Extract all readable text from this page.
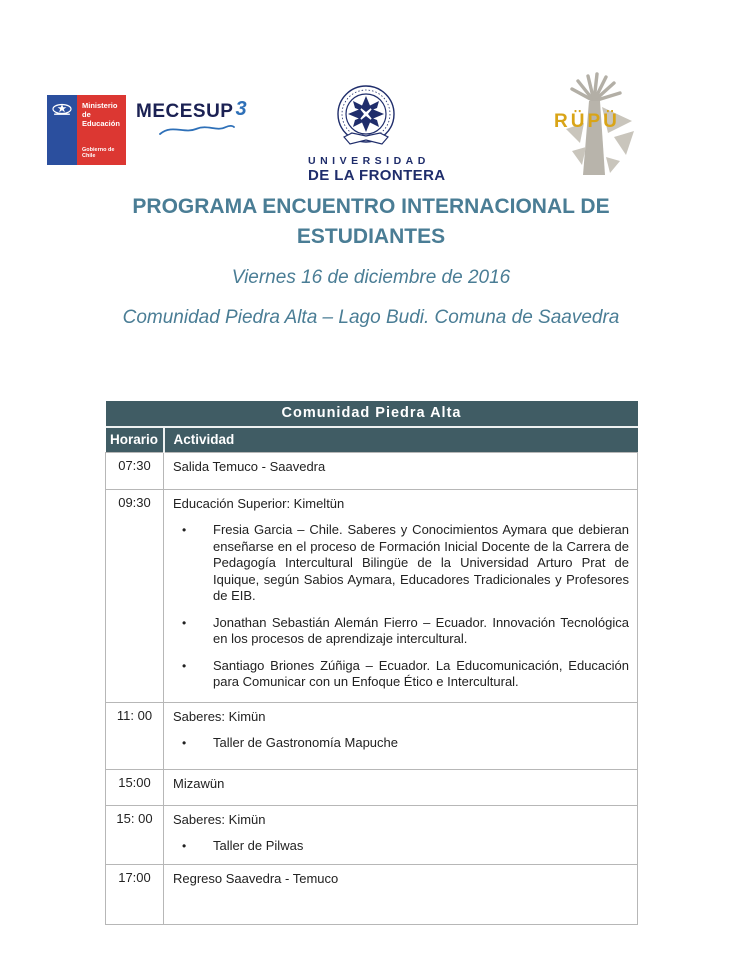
Ministerio de
Educación
Gobierno de Chile
MECESUP 3
UNIVERSIDAD
DE LA FRONTERA
RÜPÜ
PROGRAMA ENCUENTRO INTERNACIONAL DE
ESTUDIANTES
Viernes 16 de diciembre de 2016
Comunidad Piedra Alta – Lago Budi. Comuna de Saavedra
Comunidad Piedra Alta	
Horario	Actividad
07:30	Salida Temuco - Saavedra

09:30	Educación Superior: Kimeltün
•	Fresia Garcia – Chile. Saberes y Conocimientos Aymara que debieran enseñarse en el proceso de Formación Inicial Docente de la Carrera de Pedagogía Intercultural Bilingüe de la Universidad Arturo Prat de Iquique, según Sabios Aymara, Educadores Tradicionales y Profesores de EIB.
•	Jonathan Sebastián Alemán Fierro – Ecuador. Innovación Tecnológica en los procesos de aprendizaje intercultural.
•	Santiago Briones Zúñiga – Ecuador. La Educomunicación, Educación para Comunicar con un Enfoque Ético e Intercultural.

11: 00	Saberes: Kimün
• Taller de Gastronomía Mapuche

15:00	Mizawün

15: 00	Saberes: Kimün
• Taller de Pilwas

17:00	Regreso Saavedra - Temuco
